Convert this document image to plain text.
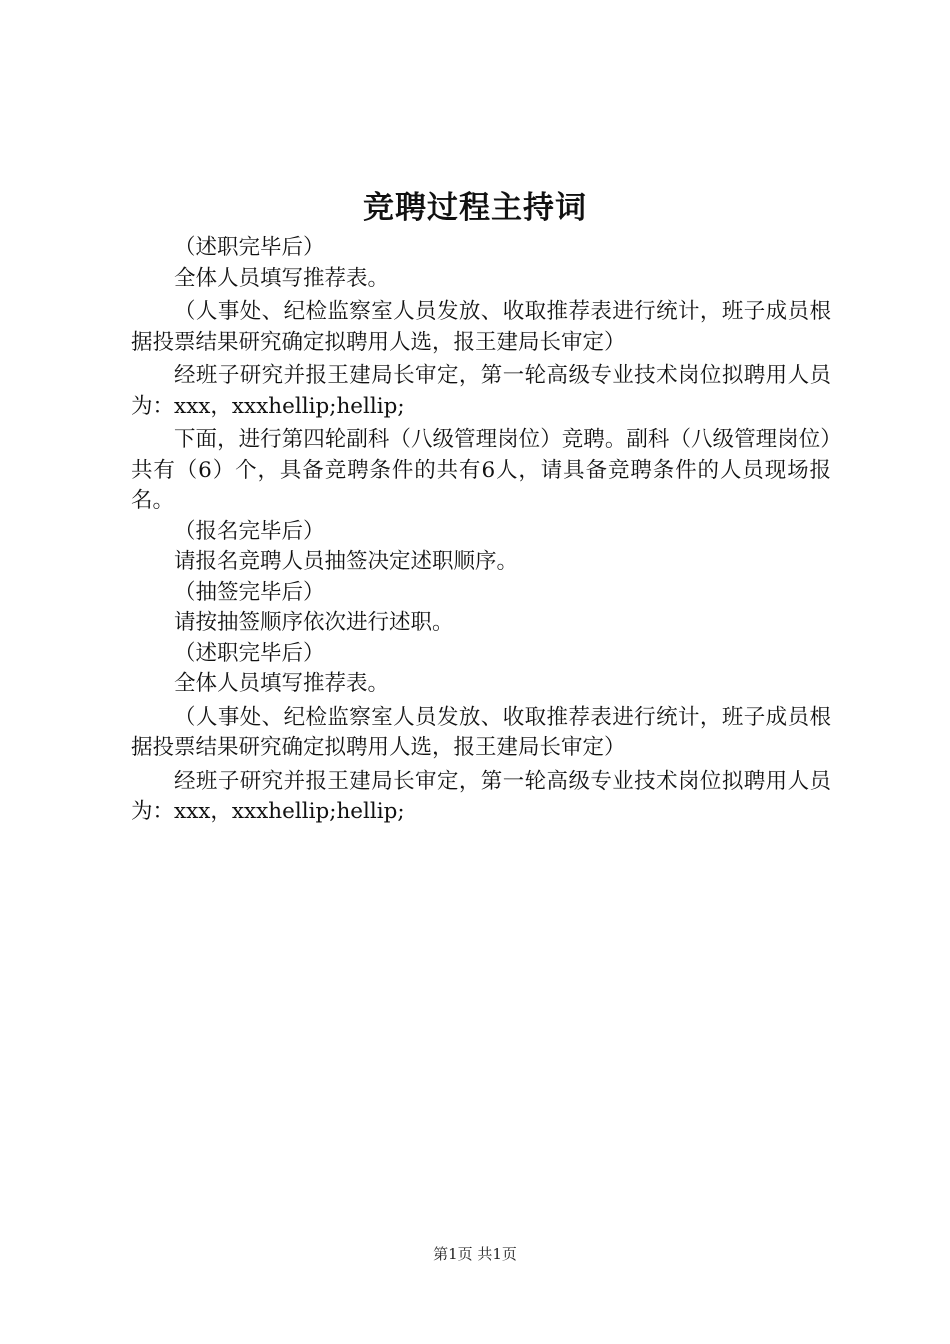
竞聘过程主持词

（述职完毕后）

全体人员填写推荐表。

（人事处、纪检监察室人员发放、收取推荐表进行统计，班子成员根据投票结果研究确定拟聘用人选，报王建局长审定）

经班子研究并报王建局长审定，第一轮高级专业技术岗位拟聘用人员为：xxx，xxxhellip;hellip;

下面，进行第四轮副科（八级管理岗位）竞聘。副科（八级管理岗位）共有（6）个，具备竞聘条件的共有6人，请具备竞聘条件的人员现场报名。

（报名完毕后）

请报名竞聘人员抽签决定述职顺序。

（抽签完毕后）

请按抽签顺序依次进行述职。

（述职完毕后）

全体人员填写推荐表。

（人事处、纪检监察室人员发放、收取推荐表进行统计，班子成员根据投票结果研究确定拟聘用人选，报王建局长审定）

经班子研究并报王建局长审定，第一轮高级专业技术岗位拟聘用人员为：xxx，xxxhellip;hellip;

第1页 共1页
